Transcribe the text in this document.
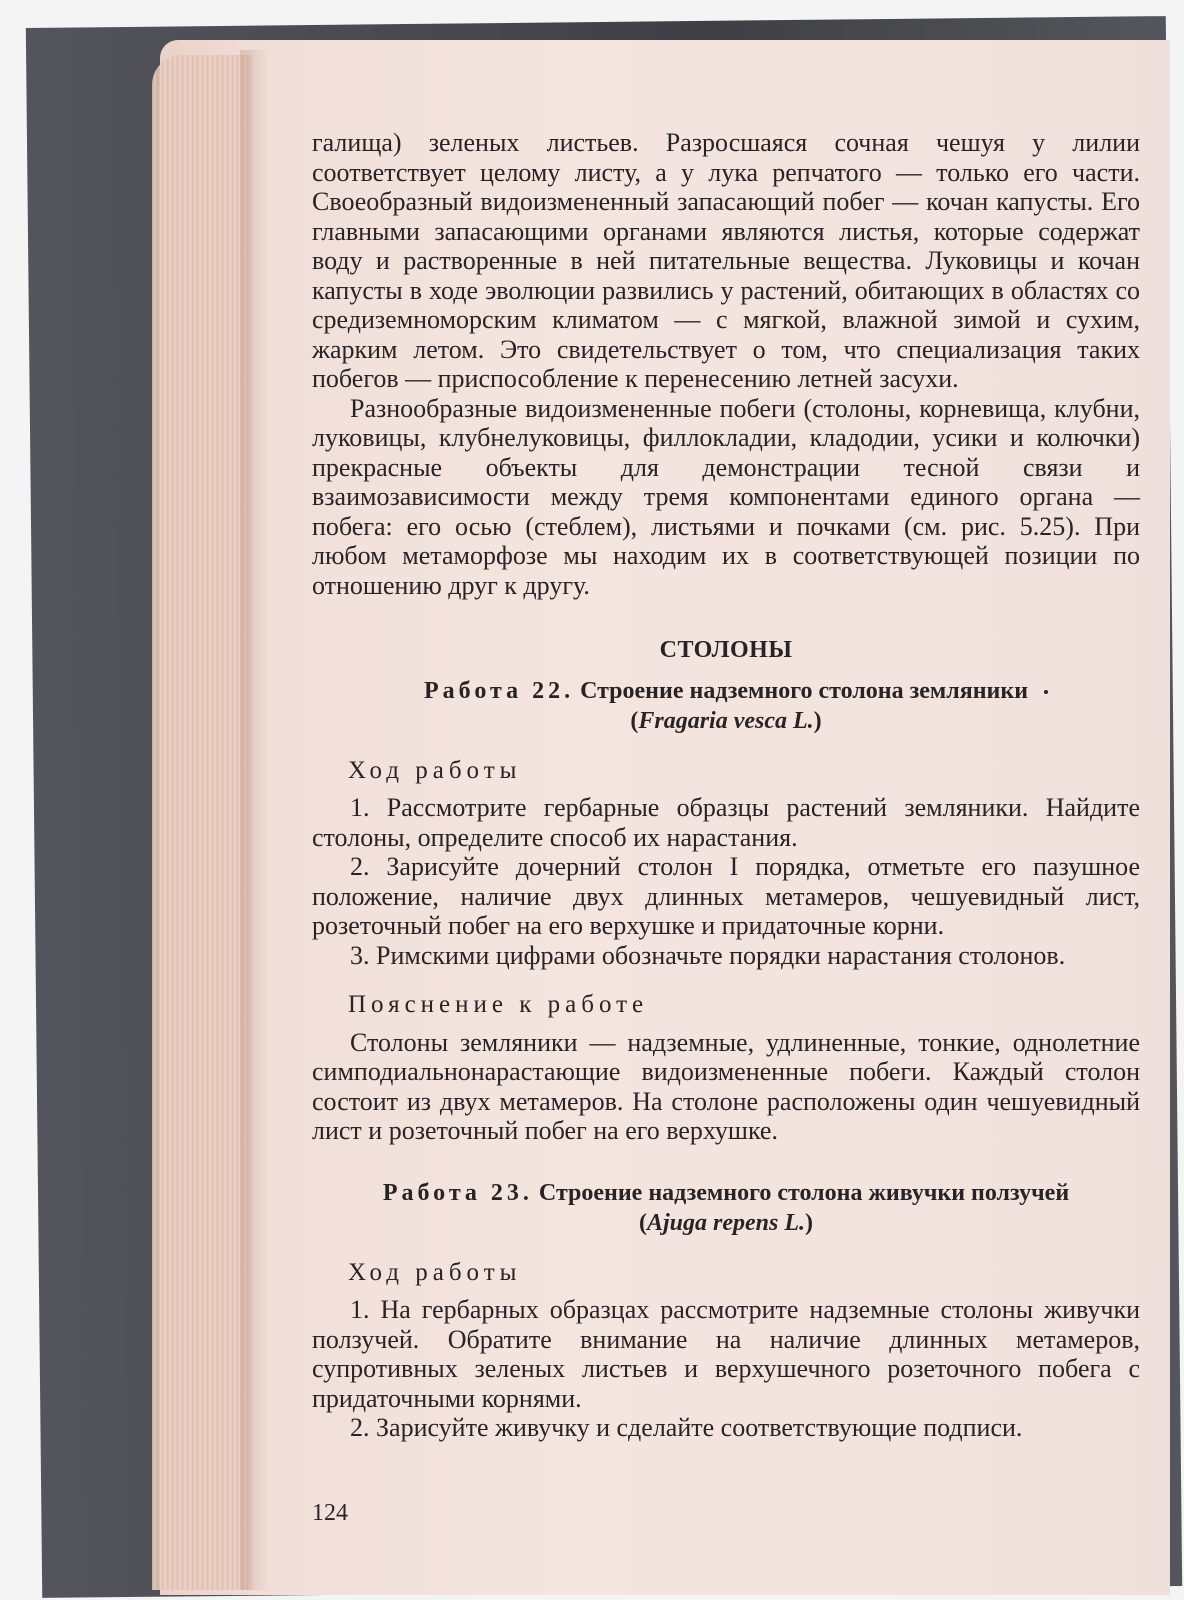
галища) зеленых листьев. Разросшаяся сочная чешуя у лилии соответствует целому листу, а у лука репчатого — только его части. Своеобразный видоизмененный запасающий побег — кочан капусты. Его главными запасающими органами являются листья, которые содержат воду и растворенные в ней питательные вещества. Луковицы и кочан капусты в ходе эволюции развились у растений, обитающих в областях со средиземноморским климатом — с мягкой, влажной зимой и сухим, жарким летом. Это свидетельствует о том, что специализация таких побегов — приспособление к перенесению летней засухи.

Разнообразные видоизмененные побеги (столоны, корневища, клубни, луковицы, клубнелуковицы, филлокладии, кладодии, усики и колючки) прекрасные объекты для демонстрации тесной связи и взаимозависимости между тремя компонентами единого органа — побега: его осью (стеблем), листьями и почками (см. рис. 5.25). При любом метаморфозе мы находим их в соответствующей позиции по отношению друг к другу.

СТОЛОНЫ
Работа 22. Строение надземного столона земляники
(Fragaria vesca L.)
Ход работы

1. Рассмотрите гербарные образцы растений земляники. Найдите столоны, определите способ их нарастания.

2. Зарисуйте дочерний столон I порядка, отметьте его пазушное положение, наличие двух длинных метамеров, чешуевидный лист, розеточный побег на его верхушке и придаточные корни.

3. Римскими цифрами обозначьте порядки нарастания столонов.

Пояснение к работе

Столоны земляники — надземные, удлиненные, тонкие, однолетние симподиальнонарастающие видоизмененные побеги. Каждый столон состоит из двух метамеров. На столоне расположены один чешуевидный лист и розеточный побег на его верхушке.

Работа 23. Строение надземного столона живучки ползучей
(Ajuga repens L.)
Ход работы

1. На гербарных образцах рассмотрите надземные столоны живучки ползучей. Обратите внимание на наличие длинных метамеров, супротивных зеленых листьев и верхушечного розеточного побега с придаточными корнями.

2. Зарисуйте живучку и сделайте соответствующие подписи.

124
